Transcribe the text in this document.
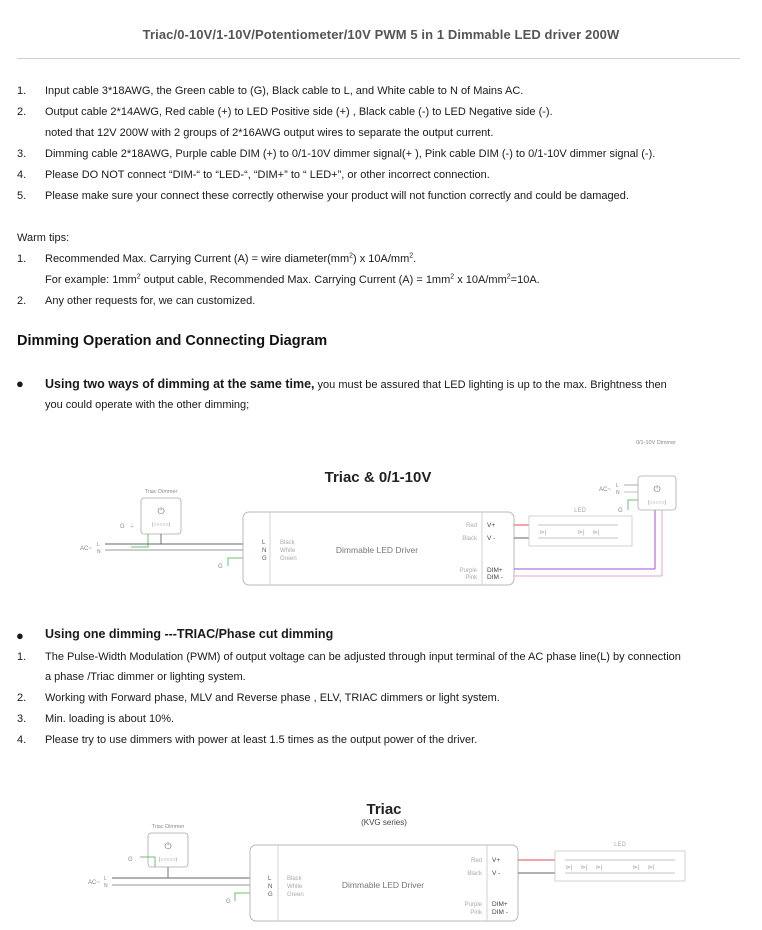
Triac/0-10V/1-10V/Potentiometer/10V PWM 5 in 1 Dimmable LED driver 200W
1. Input cable 3*18AWG, the Green cable to (G), Black cable to L, and White cable to N of Mains AC.
2. Output cable 2*14AWG, Red cable (+) to LED Positive side (+) , Black cable (-) to LED Negative side (-).
noted that 12V 200W with 2 groups of 2*16AWG output wires to separate the output current.
3. Dimming cable 2*18AWG, Purple cable DIM (+) to 0/1-10V dimmer signal(+ ), Pink cable DIM (-) to 0/1-10V dimmer signal (-).
4. Please DO NOT connect “DIM-“ to “LED-“, “DIM+” to “ LED+”, or other incorrect connection.
5. Please make sure your connect these correctly otherwise your product will not function correctly and could be damaged.
Warm tips:
1. Recommended Max. Carrying Current (A) = wire $diameter(mm^2)$ x $10A/mm^2$.
For example: $1mm^2$ output cable, Recommended Max. Carrying Current $(A) = 1mm^2$ x $10A/mm^2=10A$.
2. Any other requests for, we can customized.
Dimming Operation and Connecting Diagram
● Using two ways of dimming at the same time, you must be assured that LED lighting is up to the max. Brightness then
you could operate with the other dimming;
Triac & 0/1-10V
Triac Dimmer
⏻
(○○○○○)
G ⏚
AC~
L
N
G
L
N
G
Black
White
Green
Dimmable LED Driver
Red
Black
Purple
Pink
V+
V -
DIM+
DIM -
LED
⊳|	⊳| ⊳|
0/1-10V Dimmer
⏻
(○○○○○)
AC~
L
N
G
● Using one dimming ---TRIAC/Phase cut dimming
1. The Pulse-Width Modulation (PWM) of output voltage can be adjusted through input terminal of the AC phase line(L) by connection
a phase /Triac dimmer or lighting system.
2. Working with Forward phase, MLV and Reverse phase , ELV, TRIAC dimmers or light system.
3. Min. loading is about 10%.
4. Please try to use dimmers with power at least 1.5 times as the output power of the driver.
Triac
(KVG series)
Triac Dimmer
⏻
(○○○○○)
G
AC~
L
N
G
L
N
G
Black
White
Green
Dimmable LED Driver
Red
Black
Purple
Pink
V+
V -
DIM+
DIM -
LED
⊳| ⊳| ⊳|	⊳| ⊳|
